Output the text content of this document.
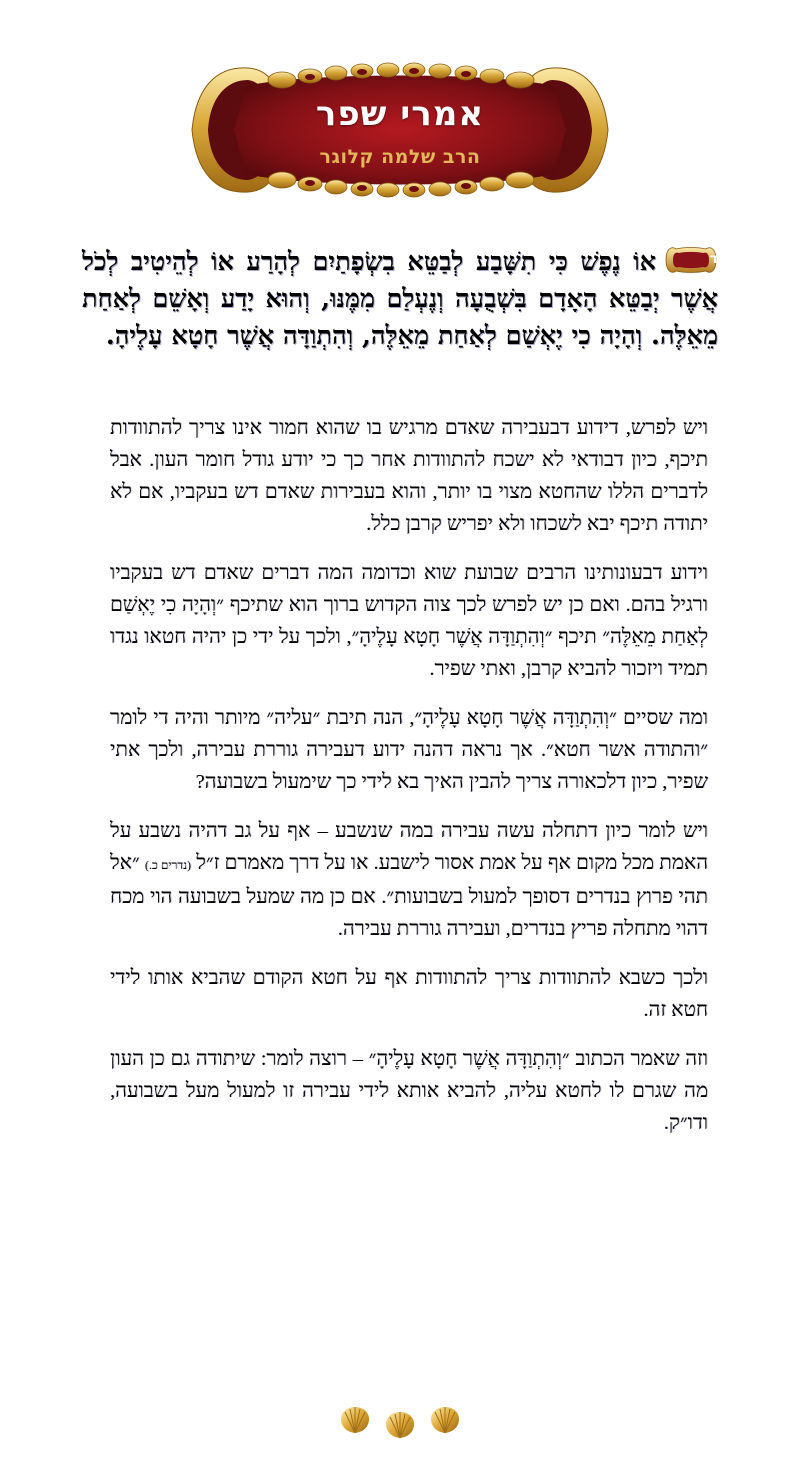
אמרי שפר
הרב שלמה קלוגר
ד
אוֹ נֶפֶשׁ כִּי תִשָּׁבַע לְבַטֵּא בִשְׂפָתַיִם לְהָרַע אוֹ לְהֵיטִיב לְכֹל אֲשֶׁר יְבַטֵּא הָאָדָם בִּשְׁבֻעָה וְנֶעְלַם מִמֶּנּוּ, וְהוּא יָדַע וְאָשֵׁם לְאַחַת מֵאֵלֶּה. וְהָיָה כִי יֶאְשַׁם לְאַחַת מֵאֵלֶּה, וְהִתְוַדָּה אֲשֶׁר חָטָא עָלֶיהָ.

ויש לפרש, דידוע דבעבירה שאדם מרגיש בו שהוא חמור אינו צריך להתוודות תיכף, כיון דבודאי לא ישכח להתוודות אחר כך כי יודע גודל חומר העון. אבל לדברים הללו שהחטא מצוי בו יותר, והוא בעבירות שאדם דש בעקביו, אם לא יתודה תיכף יבא לשכחו ולא יפריש קרבן כלל.

וידוע דבעונותינו הרבים שבועת שוא וכדומה המה דברים שאדם דש בעקביו ורגיל בהם. ואם כן יש לפרש לכך צוה הקדוש ברוך הוא שתיכף ״וְהָיָה כִי יֶאְשַׁם לְאַחַת מֵאֵלֶּה״ תיכף ״וְהִתְוַדָּה אֲשֶׁר חָטָא עָלֶיהָ״, ולכך על ידי כן יהיה חטאו נגדו תמיד ויזכור להביא קרבן, ואתי שפיר.

ומה שסיים ״וְהִתְוַדָּה אֲשֶׁר חָטָא עָלֶיהָ״, הנה תיבת ״עליה״ מיותר והיה די לומר ״והתודה אשר חטא״. אך נראה דהנה ידוע דעבירה גוררת עבירה, ולכך אתי שפיר, כיון דלכאורה צריך להבין האיך בא לידי כך שימעול בשבועה?

ויש לומר כיון דתחלה עשה עבירה במה שנשבע – אף על גב דהיה נשבע על האמת מכל מקום אף על אמת אסור לישבע. או על דרך מאמרם ז״ל (נדרים כ.) ״אל תהי פרוץ בנדרים דסופך למעול בשבועות״. אם כן מה שמעל בשבועה הוי מכח דהוי מתחלה פריץ בנדרים, ועבירה גוררת עבירה.

ולכך כשבא להתוודות צריך להתוודות אף על חטא הקודם שהביא אותו לידי חטא זה.

וזה שאמר הכתוב ״וְהִתְוַדָּה אֲשֶׁר חָטָא עָלֶיהָ״ – רוצה לומר: שיתודה גם כן העון מה שגרם לו לחטא עליה, להביא אותא לידי עבירה זו למעול מעל בשבועה, ודו״ק.
